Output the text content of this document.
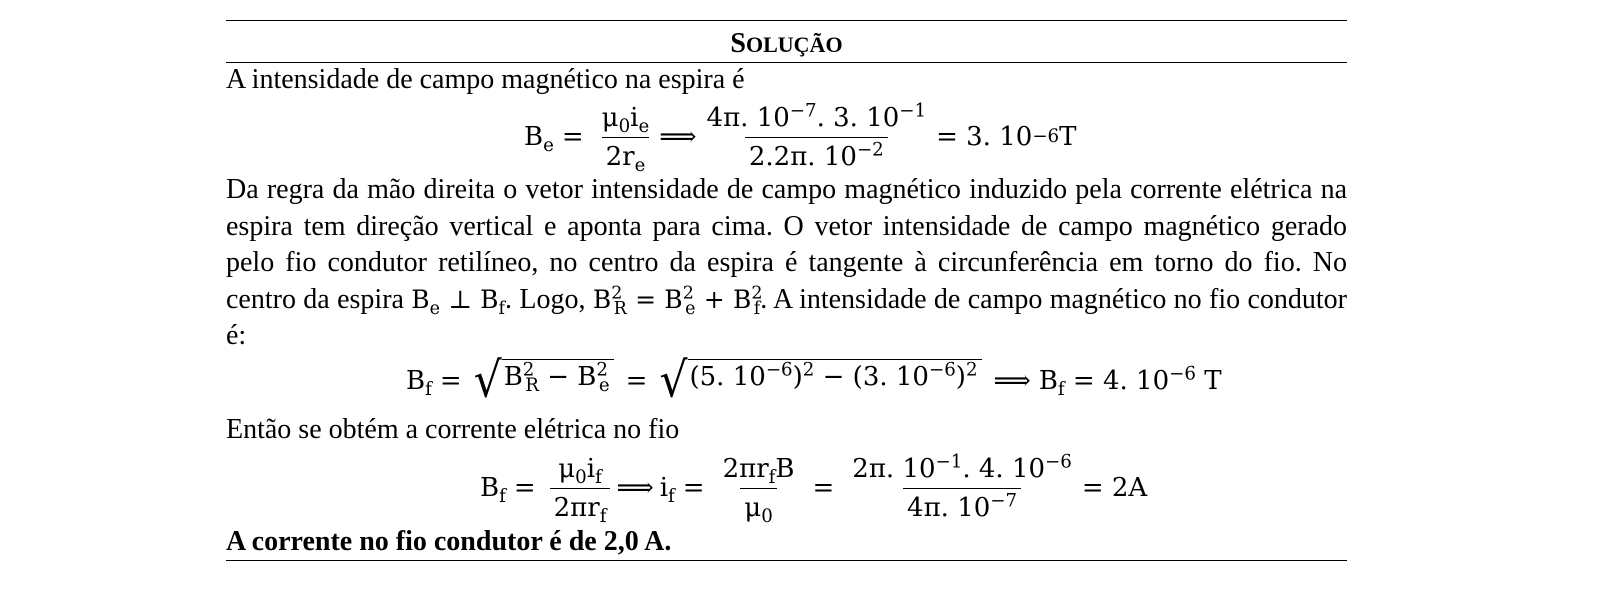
SOLUÇÃO
A intensidade de campo magnético na espira é
$B_e = \frac{\mu_0i_e}{2r_e}$ ⟹ $\frac{4\pi. 10^{-7}. 3. 10^{-1}}{2.2\pi. 10^{-2}} = 3$. 10 −6 T
Da regra da mão direita o vetor intensidade de campo magnético induzido pela corrente elétrica na espira tem direção vertical e aponta para cima. O vetor intensidade de campo magnético gerado pelo fio condutor retilíneo, no centro da espira é tangente à circunferência em torno do fio. No centro da espira $B_e$ ⊥ $B_f$. Logo, $B^2_R = B^2_e + B^2_f$. A intensidade de campo magnético no fio condutor é:
$B_f$ = √ $B^2_R - B^2_e$ = √ (5. $10^{-6})^2 - (3$. $10^{-6})^2$ ⟹ $B_f = 4$. $10^{-6}$ T
Então se obtém a corrente elétrica no fio
$B_f = \frac{\mu_0i_f}{2\pi r_f}$ ⟹ $i_f = \frac{2\pi r_fB}{\mu_0} = \frac{2\pi. 10^{-1}. 4. 10^{-6}}{4\pi. 10^{-7}} = 2A$
A corrente no fio condutor é de 2,0 A.
